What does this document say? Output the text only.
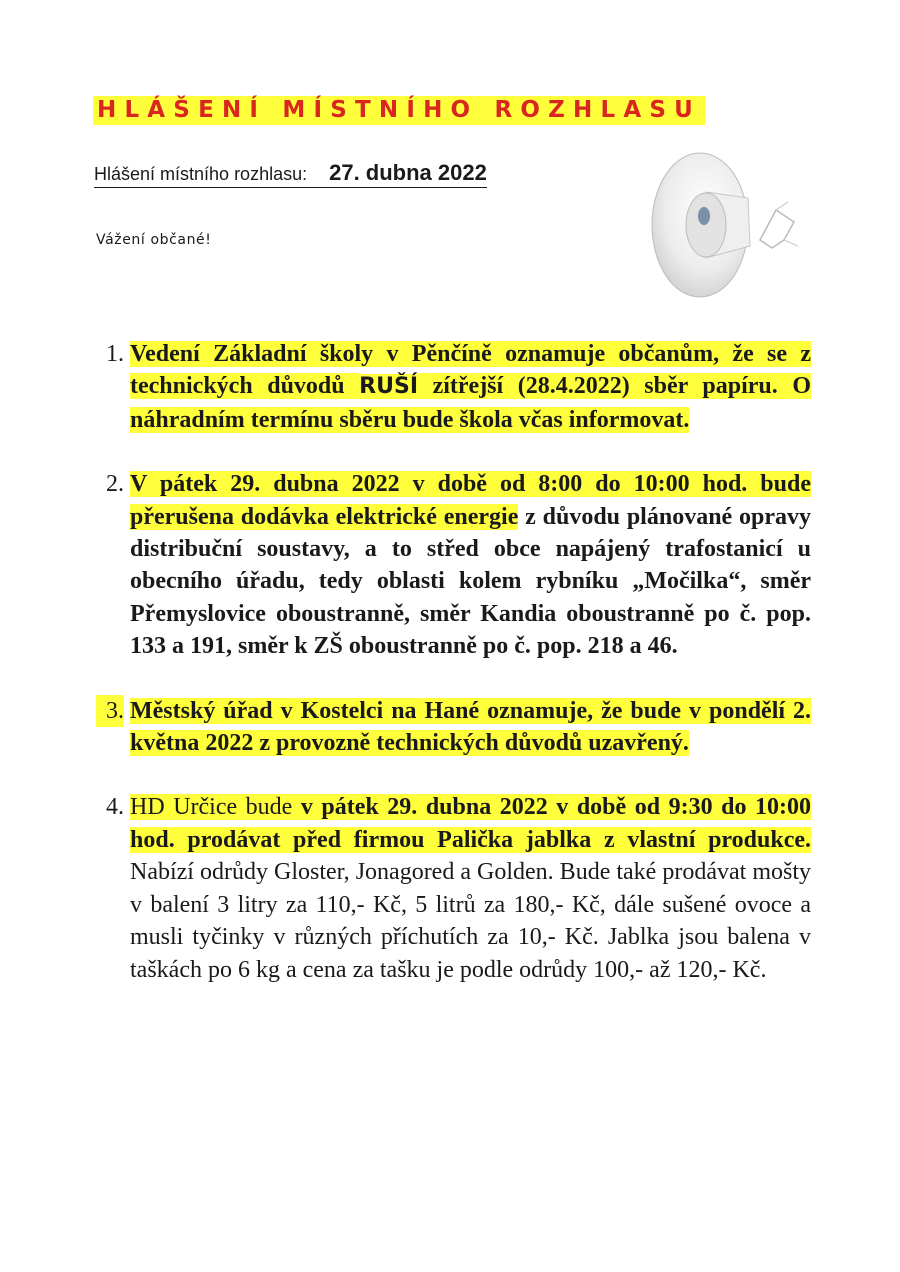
HLÁŠENÍ MÍSTNÍHO ROZHLASU
Hlášení místního rozhlasu: 27. dubna 2022
Vážení občané!
1. Vedení Základní školy v Pěnčíně oznamuje občanům, že se z technických důvodů RUŠÍ zítřejší (28.4.2022) sběr papíru. O náhradním termínu sběru bude škola včas informovat.
2. V pátek 29. dubna 2022 v době od 8:00 do 10:00 hod. bude přerušena dodávka elektrické energie z důvodu plánované opravy distribuční soustavy, a to střed obce napájený trafostanicí u obecního úřadu, tedy oblasti kolem rybníku „Močilka“, směr Přemyslovice oboustranně, směr Kandia oboustranně po č. pop. 133 a 191, směr k ZŠ oboustranně po č. pop. 218 a 46.
3. Městský úřad v Kostelci na Hané oznamuje, že bude v pondělí 2. května 2022 z provozně technických důvodů uzavřený.
4. HD Určice bude v pátek 29. dubna 2022 v době od 9:30 do 10:00 hod. prodávat před firmou Palička jablka z vlastní produkce. Nabízí odrůdy Gloster, Jonagored a Golden. Bude také prodávat mošty v balení 3 litry za 110,- Kč, 5 litrů za 180,- Kč, dále sušené ovoce a musli tyčinky v různých příchutích za 10,- Kč. Jablka jsou balena v taškách po 6 kg a cena za tašku je podle odrůdy 100,- až 120,- Kč.
